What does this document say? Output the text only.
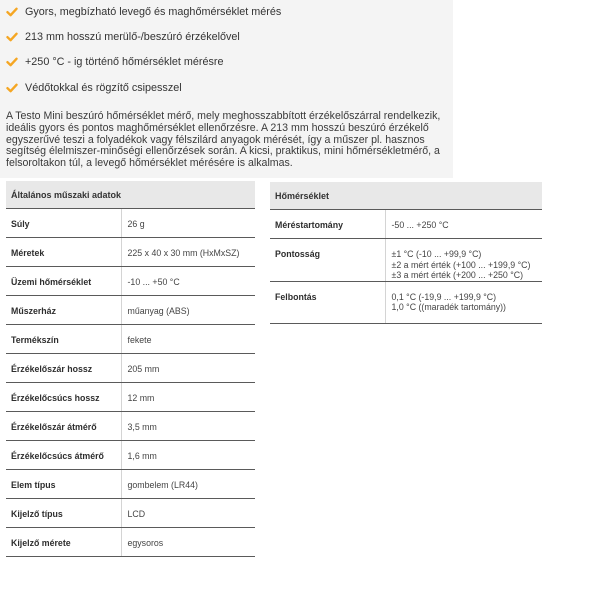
Gyors, megbízható levegő és maghőmérséklet mérés
213 mm hosszú merülő-/beszúró érzékelővel
+250 °C - ig történő hőmérséklet mérésre
Védőtokkal és rögzítő csipesszel

A Testo Mini beszúró hőmérséklet mérő, mely meghosszabbított érzékelőszárral rendelkezik, ideális gyors és pontos maghőmérséklet ellenőrzésre. A 213 mm hosszú beszúró érzékelő egyszerűvé teszi a folyadékok vagy félszilárd anyagok mérését, így a műszer pl. hasznos segítség élelmiszer-minőségi ellenőrzések során. A kicsi, praktikus, mini hőmérsékletmérő, a felsoroltakon túl, a levegő hőmérséklet mérésére is alkalmas.

Általános műszaki adatok	

Súly	26 g

Méretek	225 x 40 x 30 mm (HxMxSZ)

Üzemi hőmérséklet	-10 ... +50 °C

Műszerház	műanyag (ABS)

Termékszín	fekete

Érzékelőszár hossz	205 mm

Érzékelőcsúcs hossz	12 mm

Érzékelőszár átmérő	3,5 mm

Érzékelőcsúcs átmérő	1,6 mm

Elem típus	gombelem (LR44)

Kijelző típus	LCD

Kijelző mérete	egysoros
Hőmérséklet	

Méréstartomány	-50 ... +250 °C

Pontosság	±1 °C (-10 ... +99,9 °C)
±2 a mért érték (+100 ... +199,9 °C)
±3 a mért érték (+200 ... +250 °C)

Felbontás	0,1 °C (-19,9 ... +199,9 °C)
1,0 °C ((maradék tartomány))
